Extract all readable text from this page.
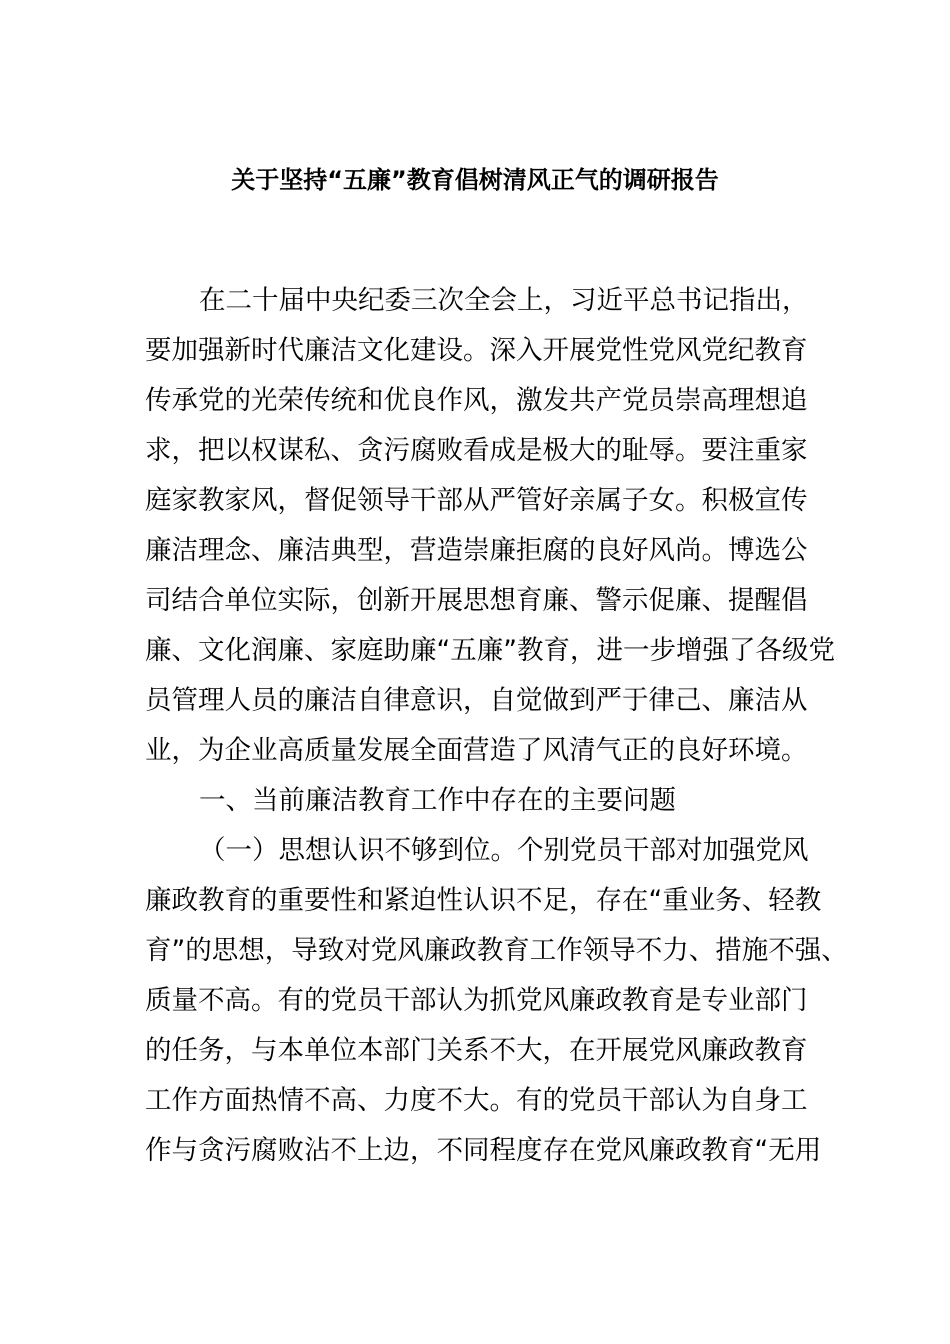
关于坚持“五廉”教育倡树清风正气的调研报告
在二十届中央纪委三次全会上，习近平总书记指出，
要加强新时代廉洁文化建设。深入开展党性党风党纪教育
传承党的光荣传统和优良作风，激发共产党员崇高理想追
求，把以权谋私、贪污腐败看成是极大的耻辱。要注重家
庭家教家风，督促领导干部从严管好亲属子女。积极宣传
廉洁理念、廉洁典型，营造崇廉拒腐的良好风尚。博选公
司结合单位实际，创新开展思想育廉、警示促廉、提醒倡
廉、文化润廉、家庭助廉“五廉”教育，进一步增强了各级党
员管理人员的廉洁自律意识，自觉做到严于律己、廉洁从
业，为企业高质量发展全面营造了风清气正的良好环境。
一、当前廉洁教育工作中存在的主要问题
（一）思想认识不够到位。个别党员干部对加强党风
廉政教育的重要性和紧迫性认识不足，存在“重业务、轻教
育”的思想，导致对党风廉政教育工作领导不力、措施不强、
质量不高。有的党员干部认为抓党风廉政教育是专业部门
的任务，与本单位本部门关系不大，在开展党风廉政教育
工作方面热情不高、力度不大。有的党员干部认为自身工
作与贪污腐败沾不上边，不同程度存在党风廉政教育“无用
